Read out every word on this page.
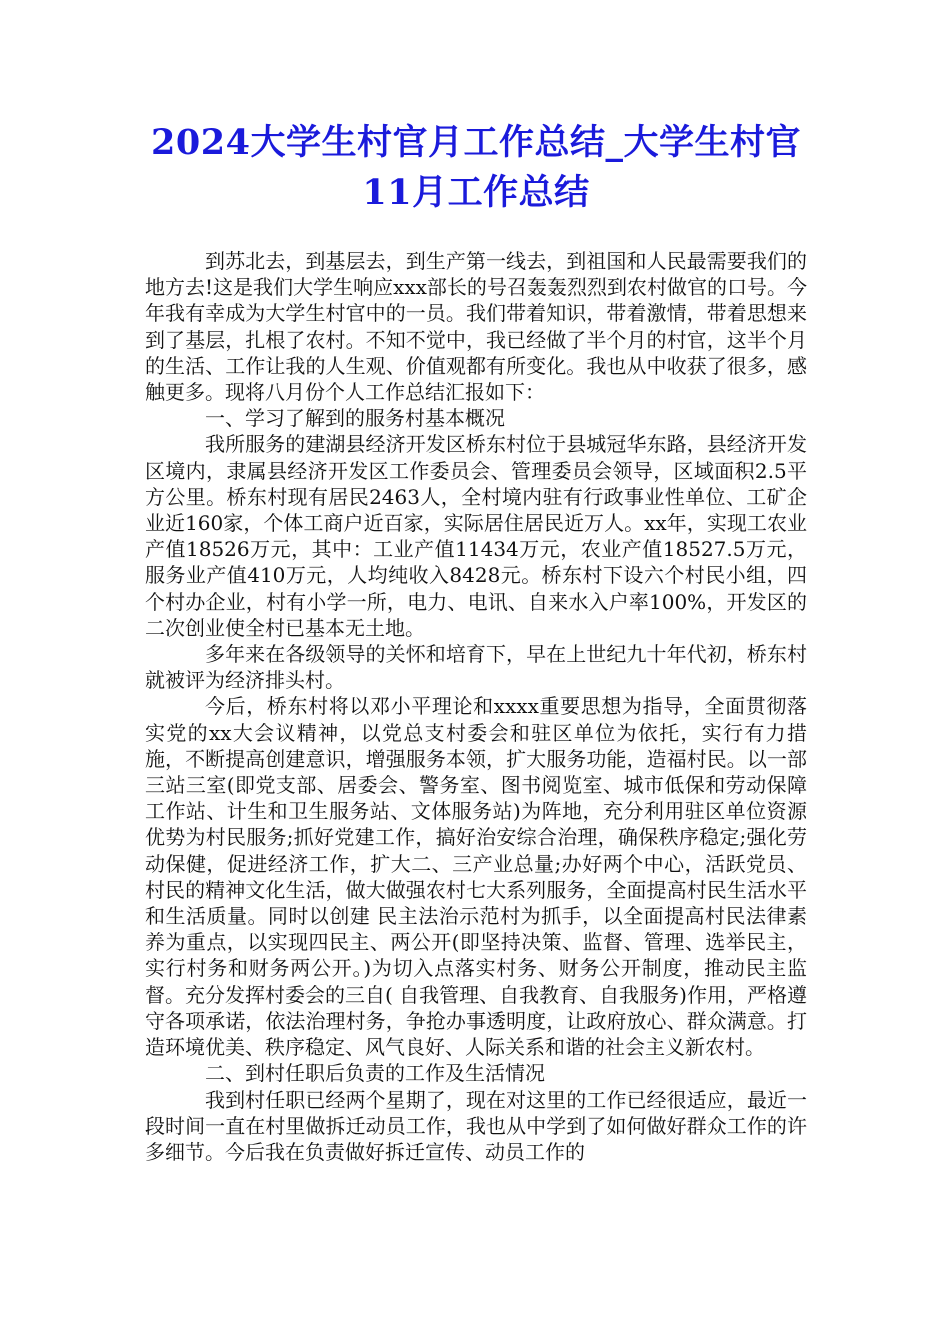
2024大学生村官月工作总结_大学生村官11月工作总结

到苏北去，到基层去，到生产第一线去，到祖国和人民最需要我们的地方去!这是我们大学生响应xxx部长的号召轰轰烈烈到农村做官的口号。今年我有幸成为大学生村官中的一员。我们带着知识，带着激情，带着思想来到了基层，扎根了农村。不知不觉中，我已经做了半个月的村官，这半个月的生活、工作让我的人生观、价值观都有所变化。我也从中收获了很多，感触更多。现将八月份个人工作总结汇报如下：

一、学习了解到的服务村基本概况

我所服务的建湖县经济开发区桥东村位于县城冠华东路，县经济开发区境内，隶属县经济开发区工作委员会、管理委员会领导，区域面积2.5平方公里。桥东村现有居民2463人，全村境内驻有行政事业性单位、工矿企业近160家，个体工商户近百家，实际居住居民近万人。xx年，实现工农业产值18526万元，其中：工业产值11434万元，农业产值18527.5万元，服务业产值410万元，人均纯收入8428元。桥东村下设六个村民小组，四个村办企业，村有小学一所，电力、电讯、自来水入户率100%，开发区的二次创业使全村已基本无土地。

多年来在各级领导的关怀和培育下，早在上世纪九十年代初，桥东村就被评为经济排头村。

今后，桥东村将以邓小平理论和xxxx重要思想为指导，全面贯彻落实党的xx大会议精神，以党总支村委会和驻区单位为依托，实行有力措施，不断提高创建意识，增强服务本领，扩大服务功能，造福村民。以一部三站三室(即党支部、居委会、警务室、图书阅览室、城市低保和劳动保障工作站、计生和卫生服务站、文体服务站)为阵地，充分利用驻区单位资源优势为村民服务;抓好党建工作，搞好治安综合治理，确保秩序稳定;强化劳动保健，促进经济工作，扩大二、三产业总量;办好两个中心，活跃党员、村民的精神文化生活，做大做强农村七大系列服务，全面提高村民生活水平和生活质量。同时以创建 民主法治示范村为抓手，以全面提高村民法律素养为重点，以实现四民主、两公开(即坚持决策、监督、管理、选举民主，实行村务和财务两公开。)为切入点落实村务、财务公开制度，推动民主监督。充分发挥村委会的三自( 自我管理、自我教育、自我服务)作用，严格遵守各项承诺，依法治理村务，争抢办事透明度，让政府放心、群众满意。打造环境优美、秩序稳定、风气良好、人际关系和谐的社会主义新农村。

二、到村任职后负责的工作及生活情况

我到村任职已经两个星期了，现在对这里的工作已经很适应，最近一段时间一直在村里做拆迁动员工作，我也从中学到了如何做好群众工作的许多细节。今后我在负责做好拆迁宣传、动员工作的
